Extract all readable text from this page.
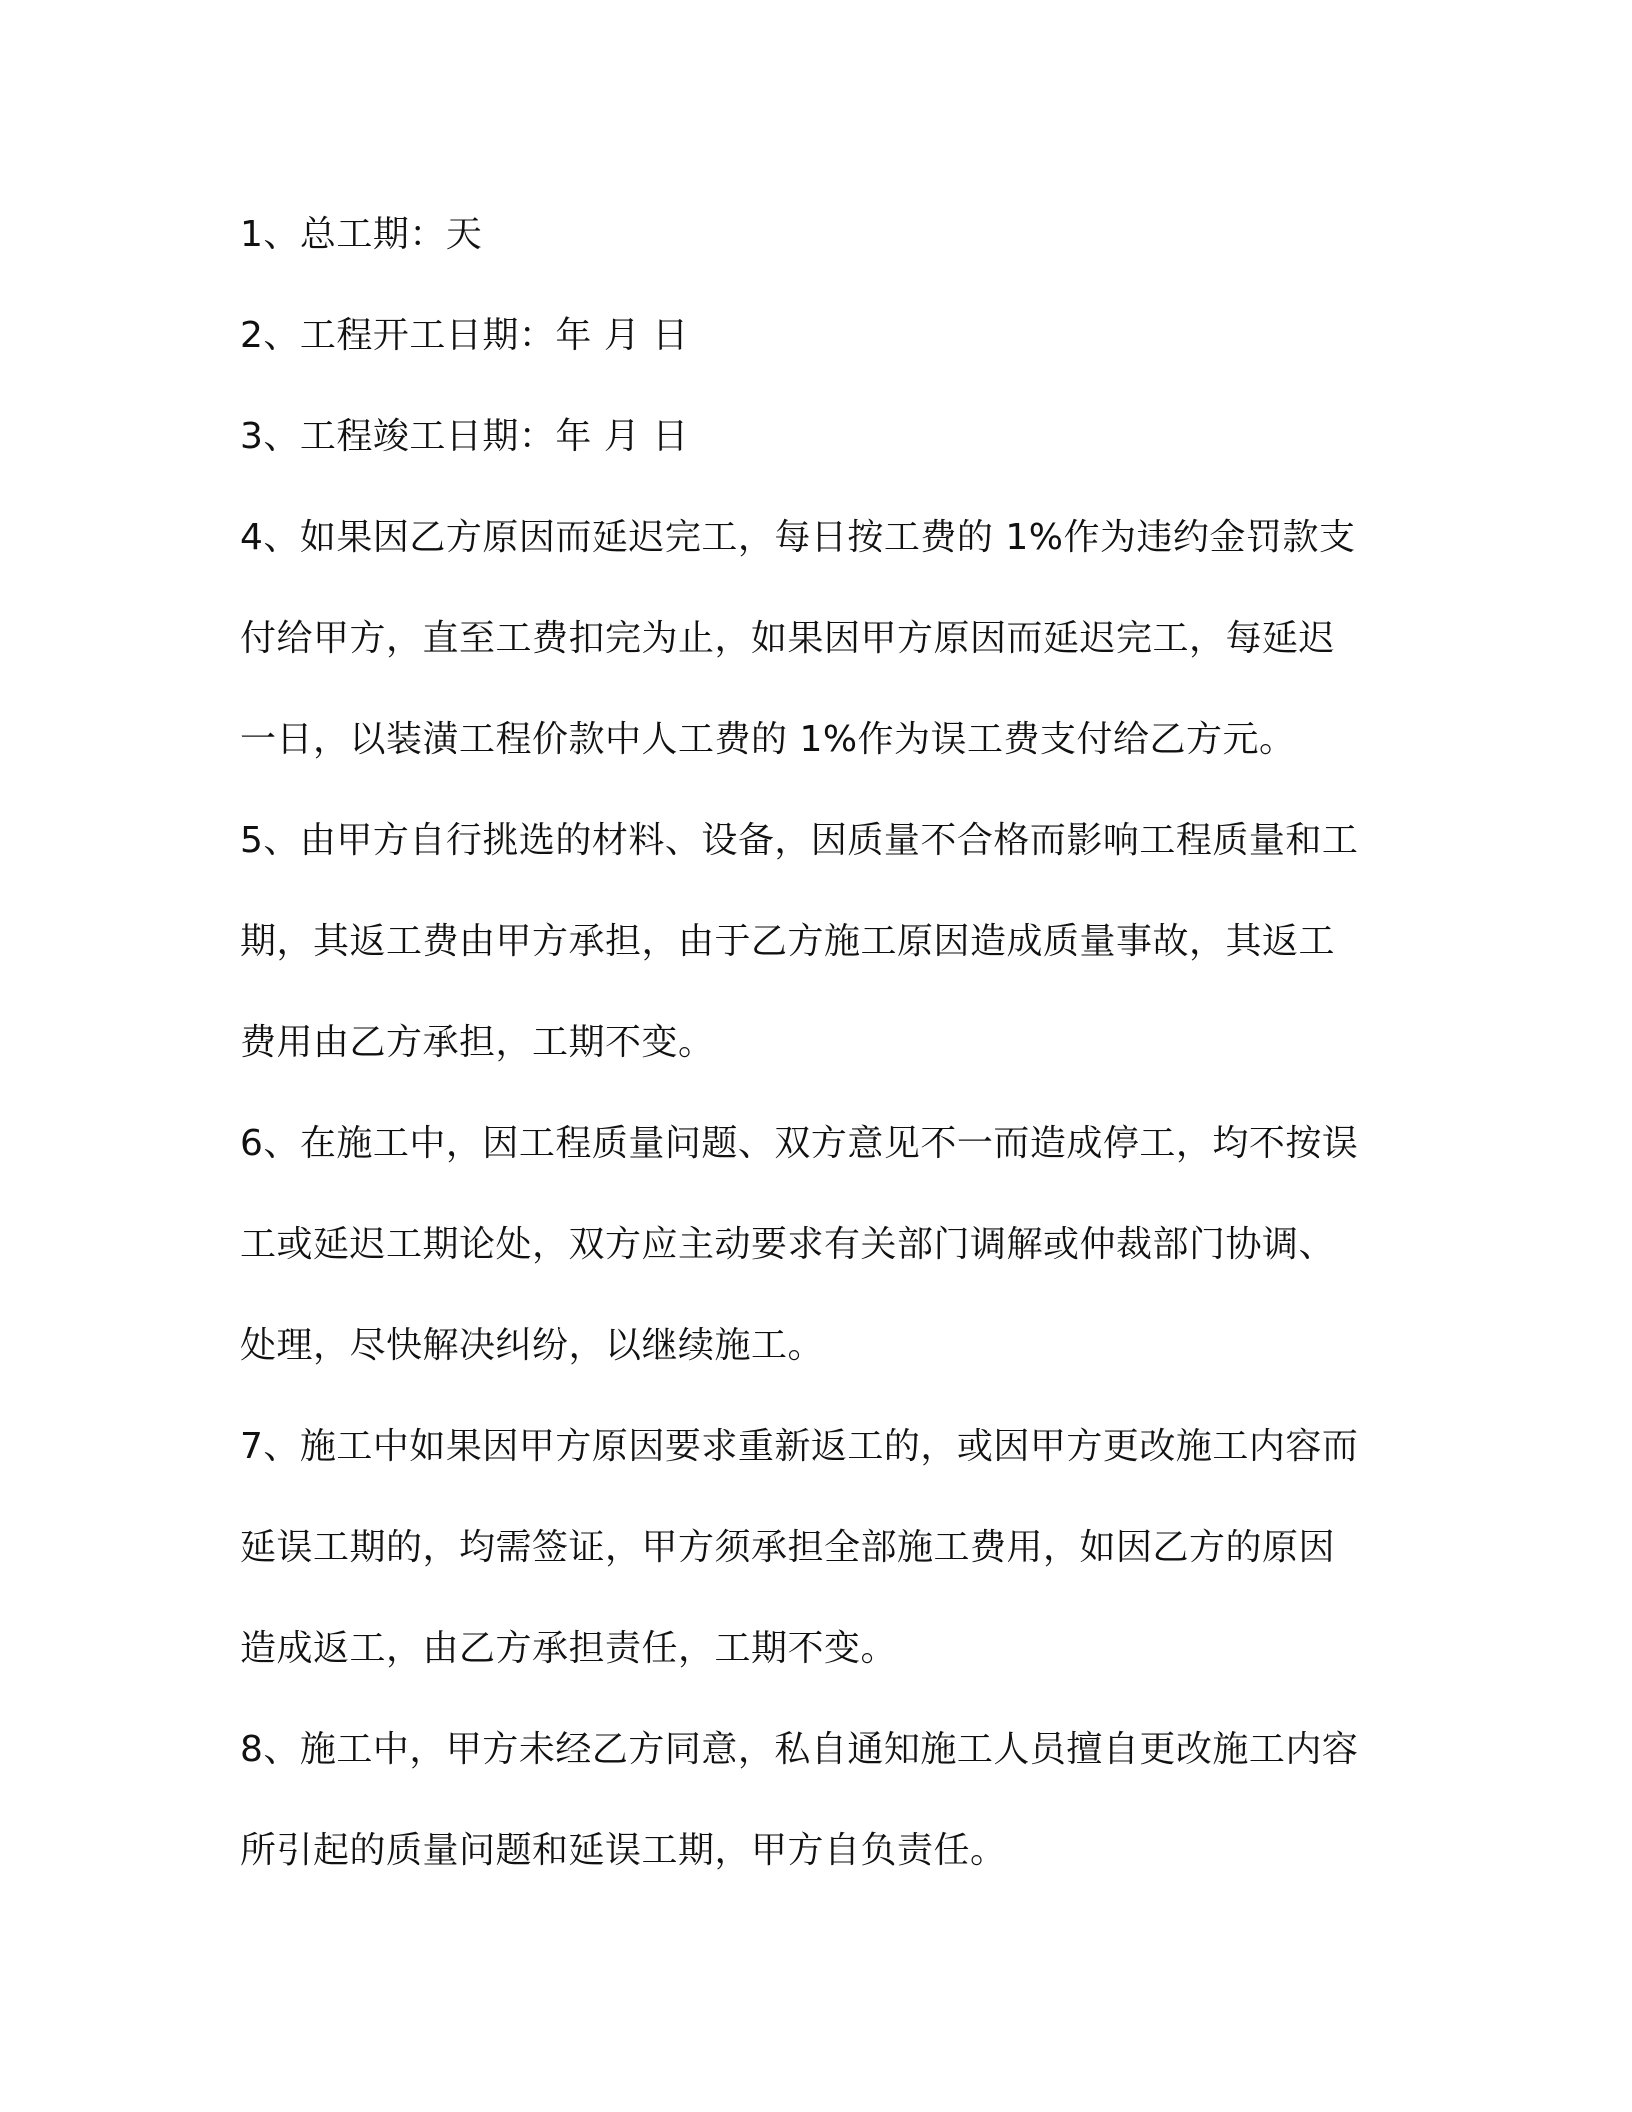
1、总工期：天

2、工程开工日期：年 月 日

3、工程竣工日期：年 月 日

4、如果因乙方原因而延迟完工，每日按工费的 1%作为违约金罚款支

付给甲方，直至工费扣完为止，如果因甲方原因而延迟完工，每延迟

一日，以装潢工程价款中人工费的 1%作为误工费支付给乙方元。

5、由甲方自行挑选的材料、设备，因质量不合格而影响工程质量和工

期，其返工费由甲方承担，由于乙方施工原因造成质量事故，其返工

费用由乙方承担，工期不变。

6、在施工中，因工程质量问题、双方意见不一而造成停工，均不按误

工或延迟工期论处，双方应主动要求有关部门调解或仲裁部门协调、

处理，尽快解决纠纷，以继续施工。

7、施工中如果因甲方原因要求重新返工的，或因甲方更改施工内容而

延误工期的，均需签证，甲方须承担全部施工费用，如因乙方的原因

造成返工，由乙方承担责任，工期不变。

8、施工中，甲方未经乙方同意，私自通知施工人员擅自更改施工内容

所引起的质量问题和延误工期，甲方自负责任。
